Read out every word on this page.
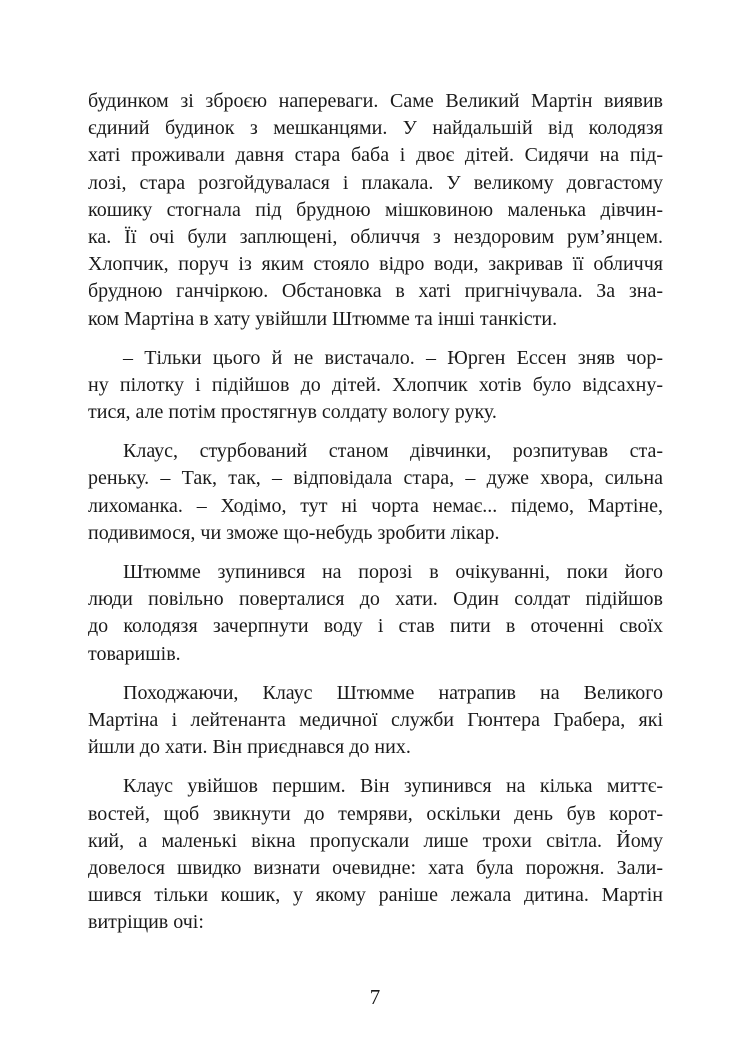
будинком зі зброєю напереваги. Саме Великий Мартін виявив
єдиний будинок з мешканцями. У найдальшій від колодязя
хаті проживали давня стара баба і двоє дітей. Сидячи на під-
лозі, стара розгойдувалася і плакала. У великому довгастому
кошику стогнала під брудною мішковиною маленька дівчин-
ка. Її очі були заплющені, обличчя з нездоровим рум’янцем.
Хлопчик, поруч із яким стояло відро води, закривав її обличчя
брудною ганчіркою. Обстановка в хаті пригнічувала. За зна-
ком Мартіна в хату увійшли Штюмме та інші танкісти.
– Тільки цього й не вистачало. – Юрген Ессен зняв чор-
ну пілотку і підійшов до дітей. Хлопчик хотів було відсахну-
тися, але потім простягнув солдату вологу руку.
Клаус, стурбований станом дівчинки, розпитував ста-
реньку. – Так, так, – відповідала стара, – дуже хвора, сильна
лихоманка. – Ходімо, тут ні чорта немає... підемо, Мартіне,
подивимося, чи зможе що-небудь зробити лікар.
Штюмме зупинився на порозі в очікуванні, поки його
люди повільно поверталися до хати. Один солдат підійшов
до колодязя зачерпнути воду і став пити в оточенні своїх
товаришів.
Походжаючи, Клаус Штюмме натрапив на Великого
Мартіна і лейтенанта медичної служби Гюнтера Грабера, які
йшли до хати. Він приєднався до них.
Клаус увійшов першим. Він зупинився на кілька миттє-
востей, щоб звикнути до темряви, оскільки день був корот-
кий, а маленькі вікна пропускали лише трохи світла. Йому
довелося швидко визнати очевидне: хата була порожня. Зали-
шився тільки кошик, у якому раніше лежала дитина. Мартін
витріщив очі:
7
